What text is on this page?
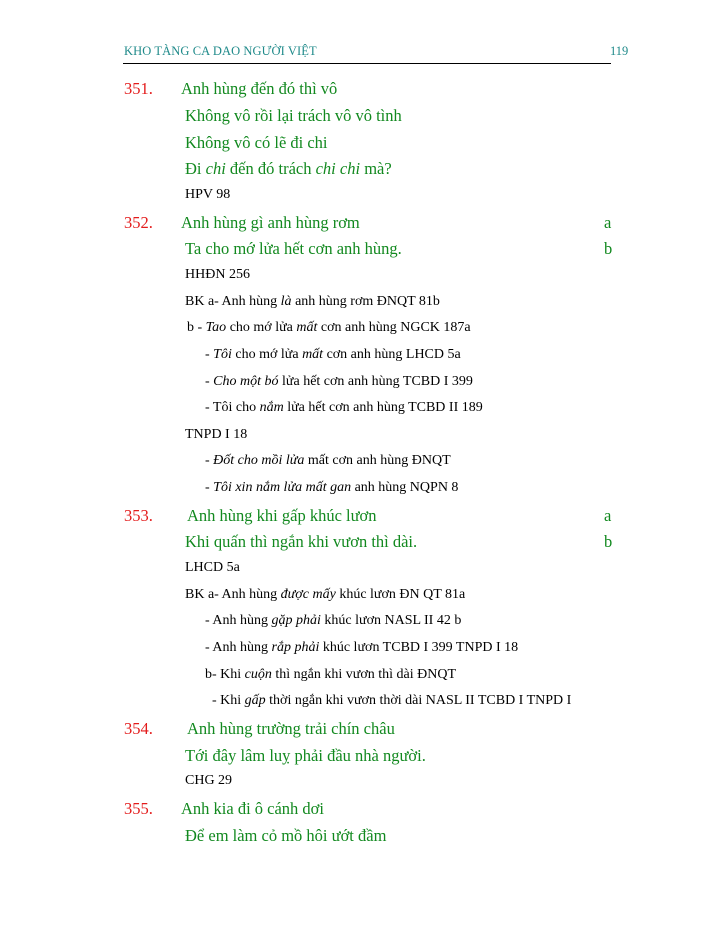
KHO TÀNG CA DAO NGƯỜI VIỆT	119
351. Anh hùng đến đó thì vô
Không vô rồi lại trách vô vô tình
Không vô có lẽ đi chi
Đi chi đến đó trách chi chi mà?
HPV 98
352. Anh hùng gì anh hùng rơm	a
Ta cho mớ lửa hết cơn anh hùng.	b
HHĐN 256
BK a- Anh hùng là anh hùng rơm ĐNQT 81b
b - Tao cho mớ lửa mất cơn anh hùng NGCK 187a
- Tôi cho mớ lửa mất cơn anh hùng LHCD 5a
- Cho một bó lửa hết cơn anh hùng TCBD I 399
- Tôi cho nắm lửa hết cơn anh hùng TCBD II 189
TNPD I 18
- Đốt cho mồi lửa mất cơn anh hùng ĐNQT
- Tôi xin nắm lửa mất gan anh hùng NQPN 8
353. Anh hùng khi gấp khúc lươn	a
Khi quấn thì ngắn khi vươn thì dài.	b
LHCD 5a
BK a- Anh hùng được mấy khúc lươn ĐN QT 81a
- Anh hùng gặp phải khúc lươn NASL II 42 b
- Anh hùng rắp phải khúc lươn TCBD I 399 TNPD I 18
b- Khi cuộn thì ngắn khi vươn thì dài ĐNQT
- Khi gấp thời ngắn khi vươn thời dài NASL II TCBD I TNPD I
354. Anh hùng trường trải chín châu
Tới đây lâm luỵ phải đầu nhà người.
CHG 29
355. Anh kia đi ô cánh dơi
Để em làm cỏ mồ hôi ướt đầm
